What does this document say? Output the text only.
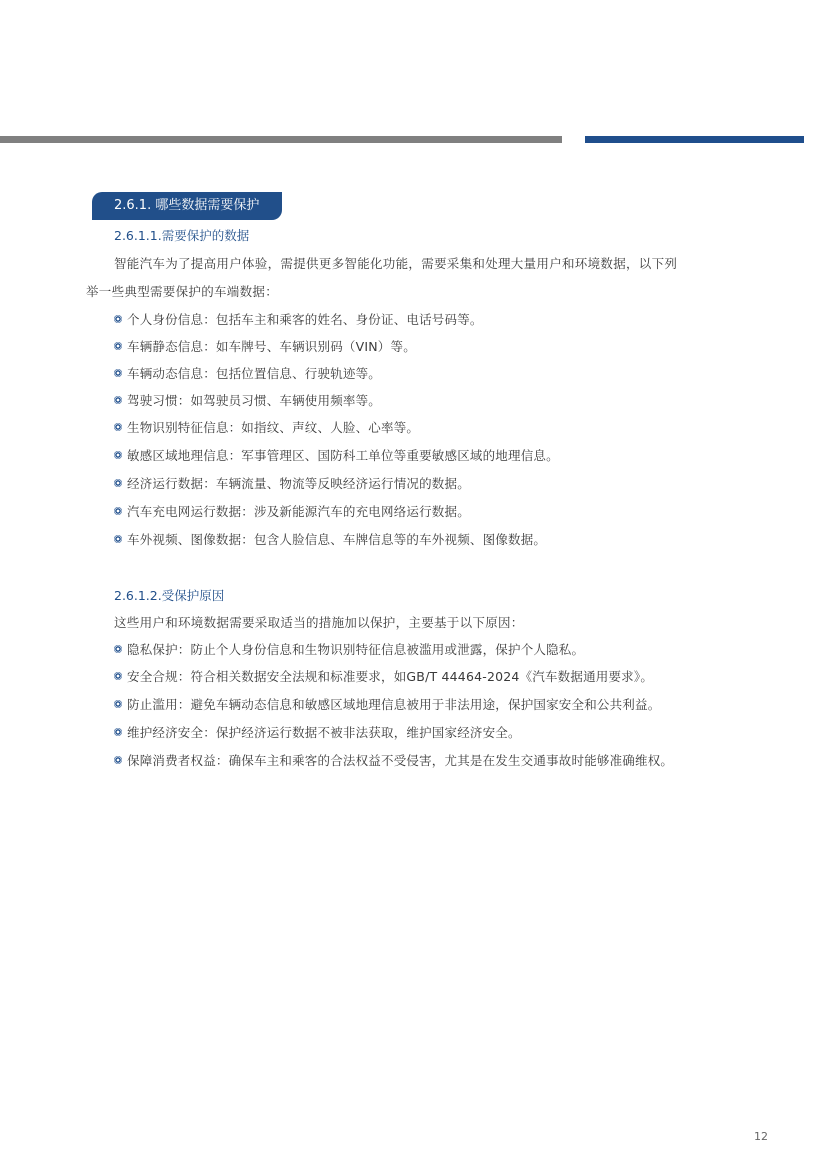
2.6.1. 哪些数据需要保护
2.6.1.1.需要保护的数据
智能汽车为了提高用户体验，需提供更多智能化功能，需要采集和处理大量用户和环境数据，以下列
举一些典型需要保护的车端数据：
个人身份信息：包括车主和乘客的姓名、身份证、电话号码等。
车辆静态信息：如车牌号、车辆识别码（VIN）等。
车辆动态信息：包括位置信息、行驶轨迹等。
驾驶习惯：如驾驶员习惯、车辆使用频率等。
生物识别特征信息：如指纹、声纹、人脸、心率等。
敏感区域地理信息：军事管理区、国防科工单位等重要敏感区域的地理信息。
经济运行数据：车辆流量、物流等反映经济运行情况的数据。
汽车充电网运行数据：涉及新能源汽车的充电网络运行数据。
车外视频、图像数据：包含人脸信息、车牌信息等的车外视频、图像数据。
2.6.1.2.受保护原因
这些用户和环境数据需要采取适当的措施加以保护，主要基于以下原因：
隐私保护：防止个人身份信息和生物识别特征信息被滥用或泄露，保护个人隐私。
安全合规：符合相关数据安全法规和标准要求，如GB/T 44464-2024《汽车数据通用要求》。
防止滥用：避免车辆动态信息和敏感区域地理信息被用于非法用途，保护国家安全和公共利益。
维护经济安全：保护经济运行数据不被非法获取，维护国家经济安全。
保障消费者权益：确保车主和乘客的合法权益不受侵害，尤其是在发生交通事故时能够准确维权。
12
